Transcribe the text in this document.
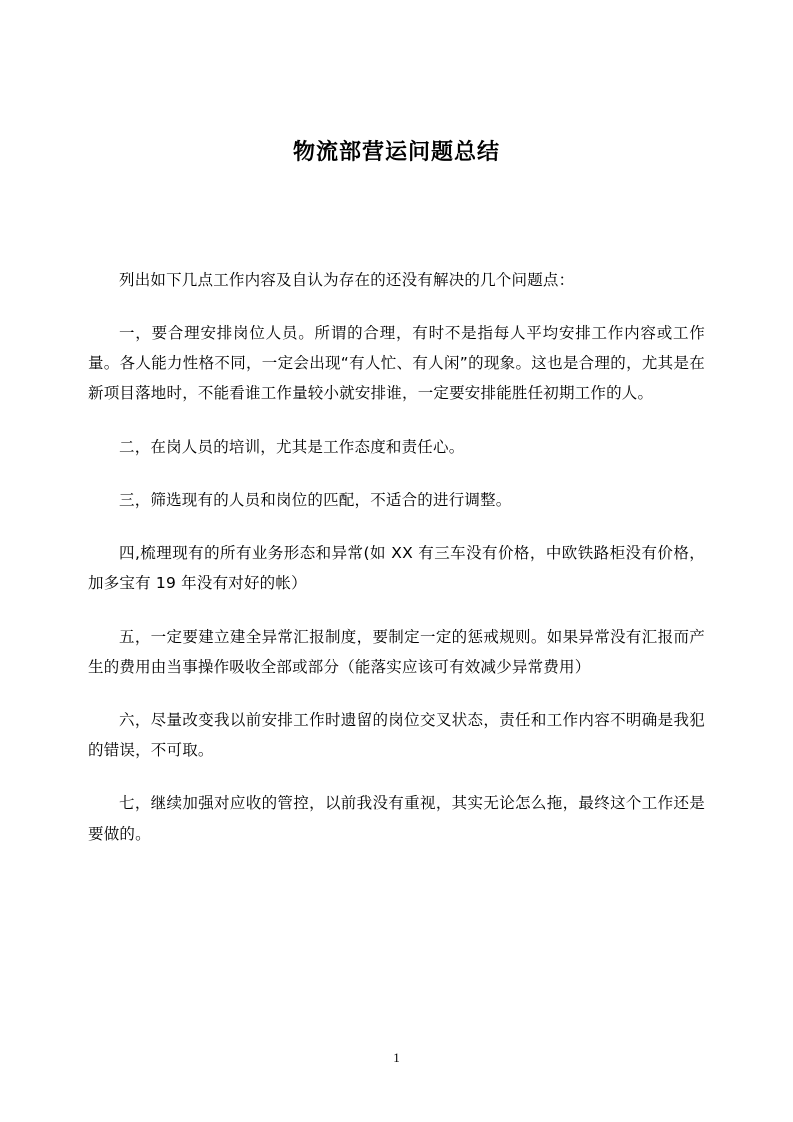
物流部营运问题总结

列出如下几点工作内容及自认为存在的还没有解决的几个问题点：

一，要合理安排岗位人员。所谓的合理，有时不是指每人平均安排工作内容或工作量。各人能力性格不同，一定会出现“有人忙、有人闲”的现象。这也是合理的，尤其是在新项目落地时，不能看谁工作量较小就安排谁，一定要安排能胜任初期工作的人。

二，在岗人员的培训，尤其是工作态度和责任心。

三，筛选现有的人员和岗位的匹配，不适合的进行调整。

四,梳理现有的所有业务形态和异常(如 XX 有三车没有价格，中欧铁路柜没有价格，加多宝有 19 年没有对好的帐）

五，一定要建立建全异常汇报制度，要制定一定的惩戒规则。如果异常没有汇报而产生的费用由当事操作吸收全部或部分（能落实应该可有效减少异常费用）

六，尽量改变我以前安排工作时遗留的岗位交叉状态，责任和工作内容不明确是我犯的错误，不可取。

七，继续加强对应收的管控，以前我没有重视，其实无论怎么拖，最终这个工作还是要做的。

1
